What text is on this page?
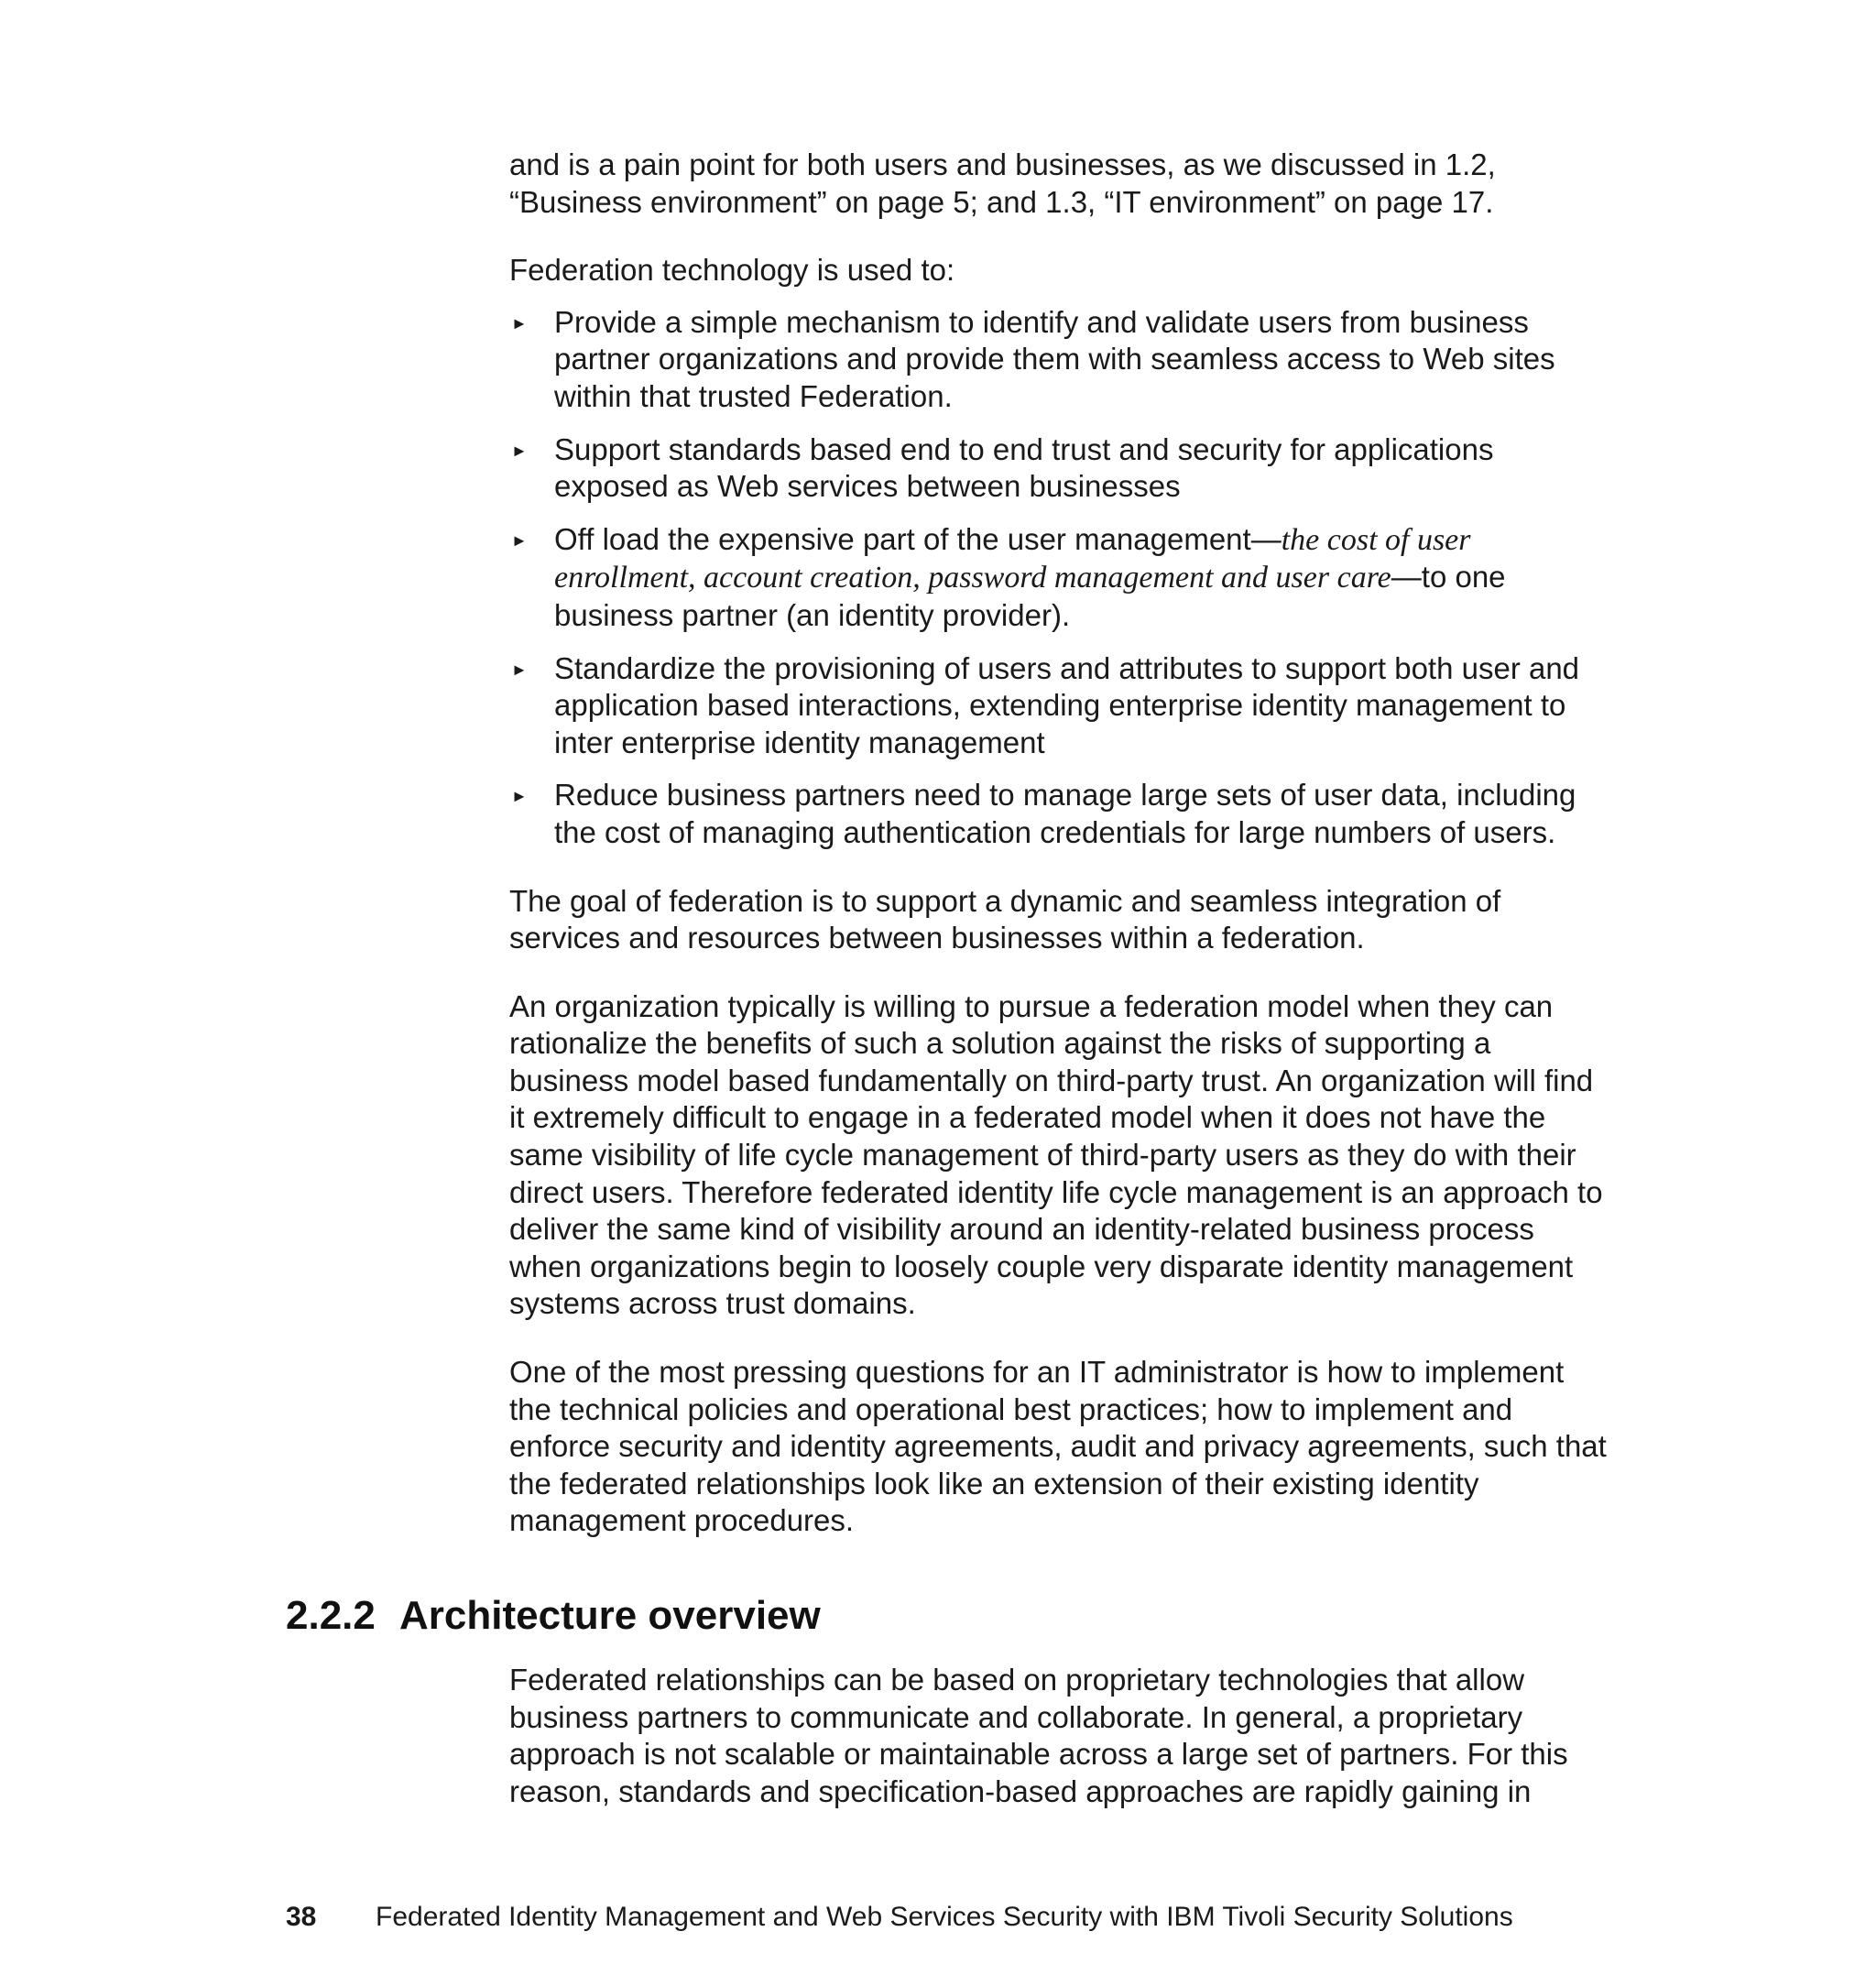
and is a pain point for both users and businesses, as we discussed in 1.2,
“Business environment” on page 5; and 1.3, “IT environment” on page 17.

Federation technology is used to:

► Provide a simple mechanism to identify and validate users from business partner organizations and provide them with seamless access to Web sites within that trusted Federation.
► Support standards based end to end trust and security for applications exposed as Web services between businesses
► Off load the expensive part of the user management—the cost of user enrollment, account creation, password management and user care—to one business partner (an identity provider).
► Standardize the provisioning of users and attributes to support both user and application based interactions, extending enterprise identity management to inter enterprise identity management
► Reduce business partners need to manage large sets of user data, including the cost of managing authentication credentials for large numbers of users.

The goal of federation is to support a dynamic and seamless integration of services and resources between businesses within a federation.

An organization typically is willing to pursue a federation model when they can rationalize the benefits of such a solution against the risks of supporting a business model based fundamentally on third-party trust. An organization will find it extremely difficult to engage in a federated model when it does not have the same visibility of life cycle management of third-party users as they do with their direct users. Therefore federated identity life cycle management is an approach to deliver the same kind of visibility around an identity-related business process when organizations begin to loosely couple very disparate identity management systems across trust domains.

One of the most pressing questions for an IT administrator is how to implement the technical policies and operational best practices; how to implement and enforce security and identity agreements, audit and privacy agreements, such that the federated relationships look like an extension of their existing identity management procedures.

2.2.2 Architecture overview

Federated relationships can be based on proprietary technologies that allow business partners to communicate and collaborate. In general, a proprietary approach is not scalable or maintainable across a large set of partners. For this reason, standards and specification-based approaches are rapidly gaining in

38 Federated Identity Management and Web Services Security with IBM Tivoli Security Solutions
